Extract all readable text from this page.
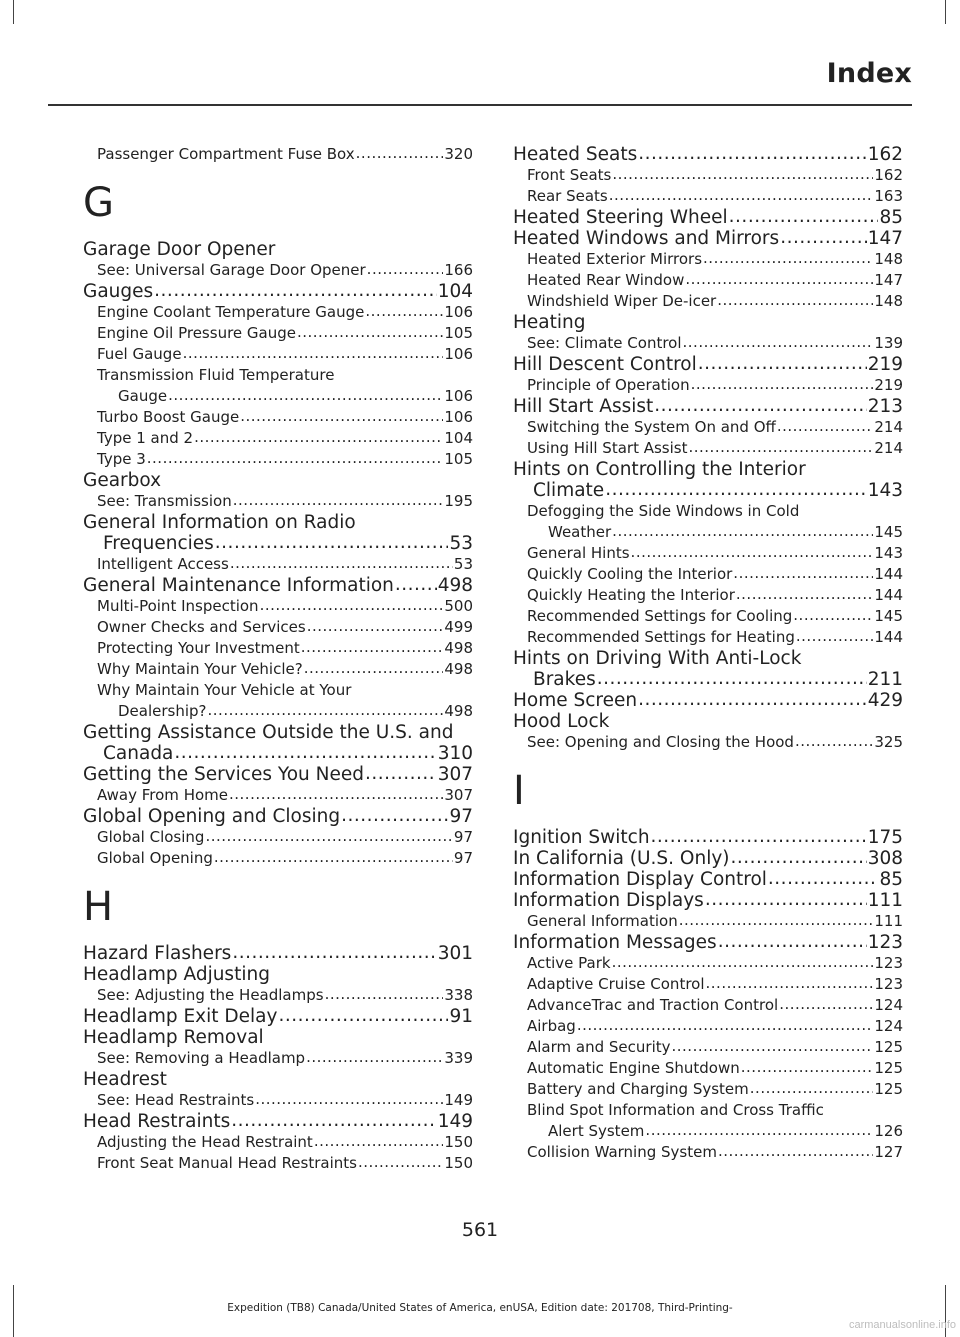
Index
Passenger Compartment Fuse Box .....	320
G
Garage Door Opener
See: Universal Garage Door Opener .....	166
Gauges .....	104
Engine Coolant Temperature Gauge .....	106
Engine Oil Pressure Gauge .....	105
Fuel Gauge .....	106
Transmission Fluid Temperature
Gauge .....	106
Turbo Boost Gauge .....	106
Type 1 and 2 .....	104
Type 3 .....	105
Gearbox
See: Transmission .....	195
General Information on Radio
Frequencies .....	53
Intelligent Access .....	53
General Maintenance Information ..... 498
Multi-Point Inspection .....	500
Owner Checks and Services .....	499
Protecting Your Investment .....	498
Why Maintain Your Vehicle? .....	498
Why Maintain Your Vehicle at Your
Dealership? .....	498
Getting Assistance Outside the U.S. and
Canada .....	310
Getting the Services You Need .....	307
Away From Home .....	307
Global Opening and Closing .....	97
Global Closing .....	97
Global Opening .....	97
H
Hazard Flashers .....	301
Headlamp Adjusting
See: Adjusting the Headlamps .....	338
Headlamp Exit Delay .....	91
Headlamp Removal
See: Removing a Headlamp .....	339
Headrest
See: Head Restraints .....	149
Head Restraints .....	149
Adjusting the Head Restraint .....	150
Front Seat Manual Head Restraints .....	150
Heated Seats .....	162
Front Seats .....	162
Rear Seats .....	163
Heated Steering Wheel .....	85
Heated Windows and Mirrors .....	147
Heated Exterior Mirrors .....	148
Heated Rear Window .....	147
Windshield Wiper De-icer .....	148
Heating
See: Climate Control .....	139
Hill Descent Control .....	219
Principle of Operation .....	219
Hill Start Assist .....	213
Switching the System On and Off .....	214
Using Hill Start Assist .....	214
Hints on Controlling the Interior
Climate .....	143
Defogging the Side Windows in Cold
Weather .....	145
General Hints .....	143
Quickly Cooling the Interior .....	144
Quickly Heating the Interior .....	144
Recommended Settings for Cooling .....	145
Recommended Settings for Heating .....	144
Hints on Driving With Anti-Lock
Brakes .....	211
Home Screen .....	429
Hood Lock
See: Opening and Closing the Hood .....	325
I
Ignition Switch .....	175
In California (U.S. Only) .....	308
Information Display Control .....	85
Information Displays .....	111
General Information .....	111
Information Messages .....	123
Active Park .....	123
Adaptive Cruise Control .....	123
AdvanceTrac and Traction Control .....	124
Airbag .....	124
Alarm and Security .....	125
Automatic Engine Shutdown .....	125
Battery and Charging System .....	125
Blind Spot Information and Cross Traffic
Alert System .....	126
Collision Warning System .....	127
561
Expedition (TB8) Canada/United States of America, enUSA, Edition date: 201708, Third-Printing-
carmanualsonline.info
